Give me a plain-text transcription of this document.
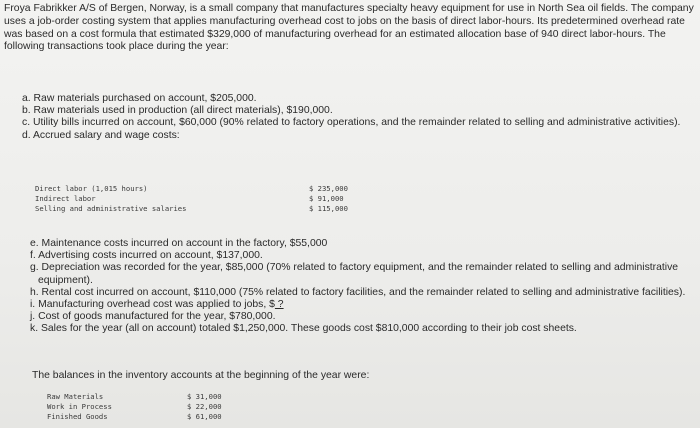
Froya Fabrikker A/S of Bergen, Norway, is a small company that manufactures specialty heavy equipment for use in North Sea oil fields. The company uses a job-order costing system that applies manufacturing overhead cost to jobs on the basis of direct labor-hours. Its predetermined overhead rate was based on a cost formula that estimated $329,000 of manufacturing overhead for an estimated allocation base of 940 direct labor-hours. The following transactions took place during the year:

a. Raw materials purchased on account, $205,000.
b. Raw materials used in production (all direct materials), $190,000.
c. Utility bills incurred on account, $60,000 (90% related to factory operations, and the remainder related to selling and administrative activities).
d. Accrued salary and wage costs:
Direct labor (1,015 hours)
Indirect labor
Selling and administrative salaries
$ 235,000
$ 91,000
$ 115,000
e. Maintenance costs incurred on account in the factory, $55,000
f. Advertising costs incurred on account, $137,000.
g. Depreciation was recorded for the year, $85,000 (70% related to factory equipment, and the remainder related to selling and administrative equipment).
h. Rental cost incurred on account, $110,000 (75% related to factory facilities, and the remainder related to selling and administrative facilities).
i. Manufacturing overhead cost was applied to jobs, $ ?
j. Cost of goods manufactured for the year, $780,000.
k. Sales for the year (all on account) totaled $1,250,000. These goods cost $810,000 according to their job cost sheets.

The balances in the inventory accounts at the beginning of the year were:

Raw Materials
Work in Process
Finished Goods
$ 31,000
$ 22,000
$ 61,000
